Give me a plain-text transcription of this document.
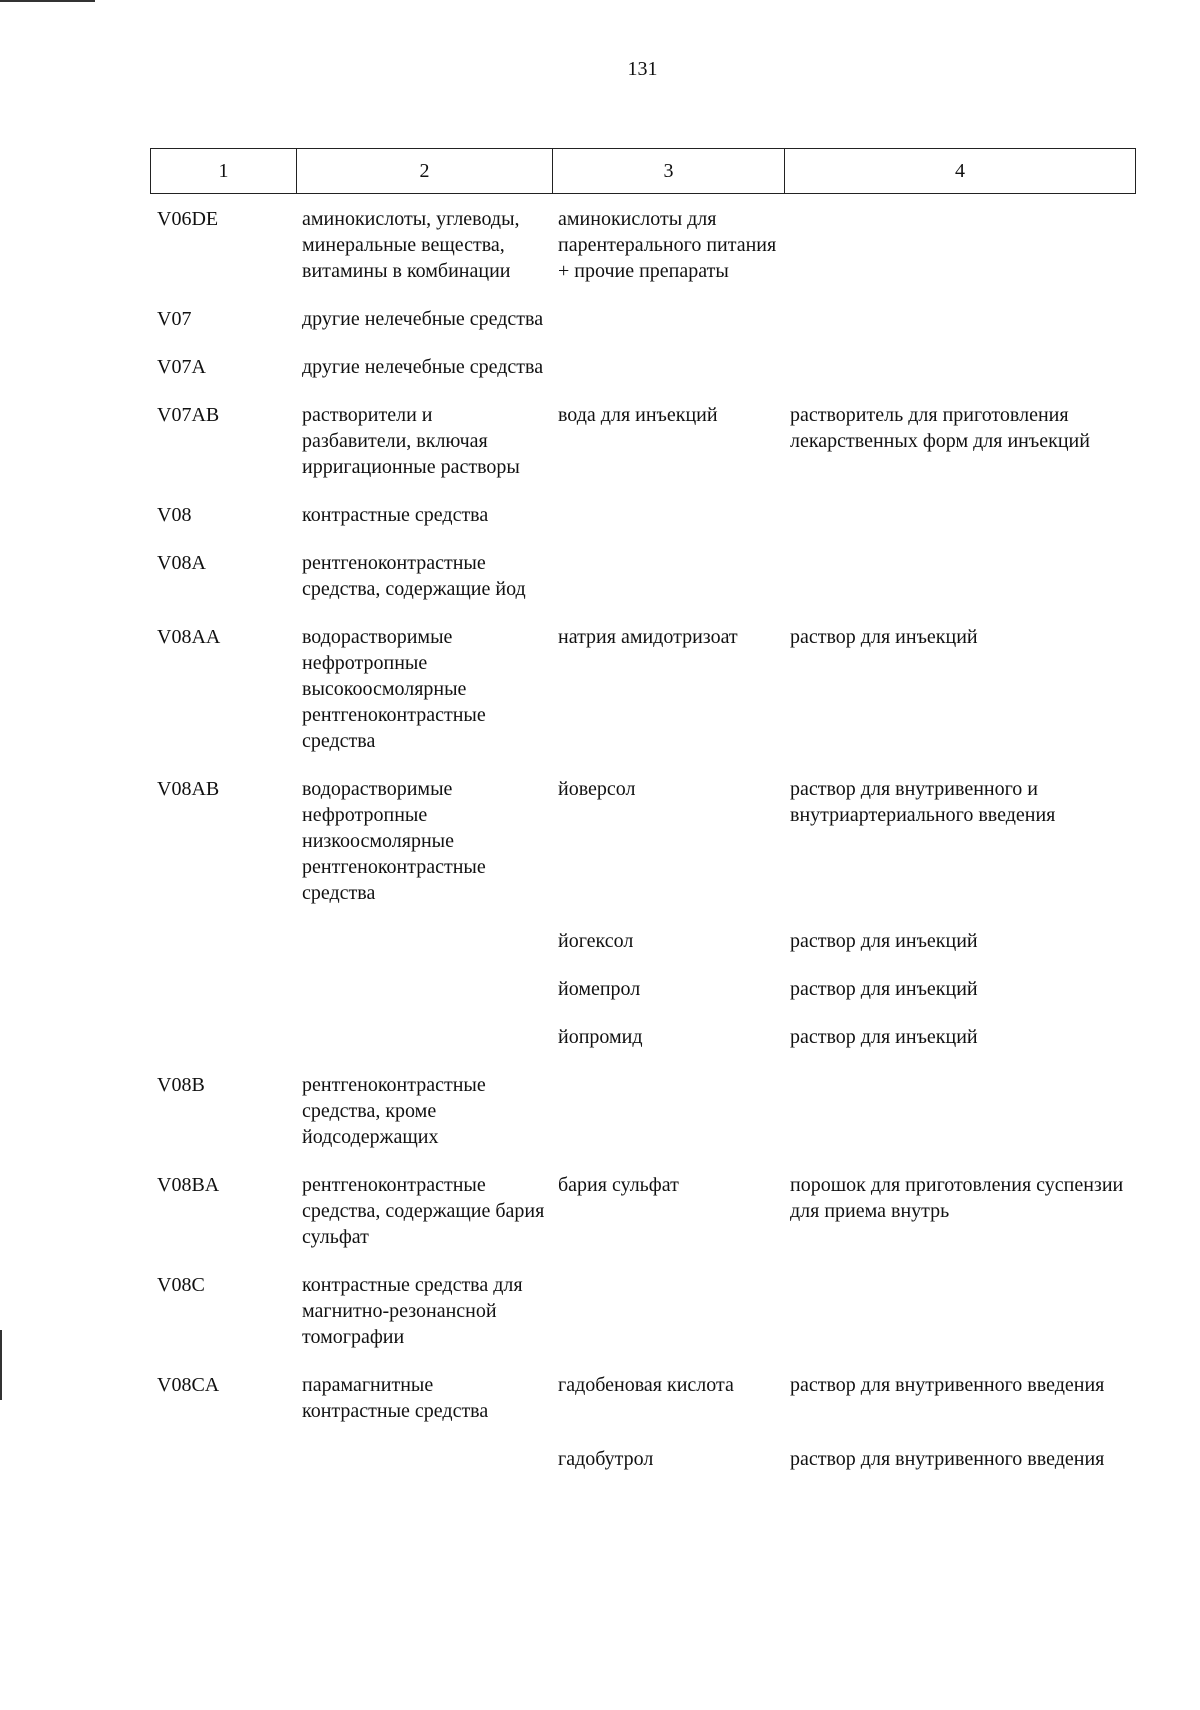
131
1	2	3	4
V06DE	аминокислоты, углеводы, минеральные вещества, витамины в комбинации	аминокислоты для парентерального питания + прочие препараты	
V07	другие нелечебные средства		
V07A	другие нелечебные средства		
V07AB	растворители и разбавители, включая ирригационные растворы	вода для инъекций	растворитель для приготовления лекарственных форм для инъекций
V08	контрастные средства		
V08A	рентгеноконтрастные средства, содержащие йод		
V08AA	водорастворимые нефротропные высокоосмолярные рентгеноконтрастные средства	натрия амидотризоат	раствор для инъекций
V08AB	водорастворимые нефротропные низкоосмолярные рентгеноконтрастные средства	йоверсол	раствор для внутривенного и внутриартериального введения
		йогексол	раствор для инъекций
		йомепрол	раствор для инъекций
		йопромид	раствор для инъекций
V08B	рентгеноконтрастные средства, кроме йодсодержащих		
V08BA	рентгеноконтрастные средства, содержащие бария сульфат	бария сульфат	порошок для приготовления суспензии для приема внутрь
V08C	контрастные средства для магнитно-резонансной томографии		
V08CA	парамагнитные контрастные средства	гадобеновая кислота	раствор для внутривенного введения
		гадобутрол	раствор для внутривенного введения
